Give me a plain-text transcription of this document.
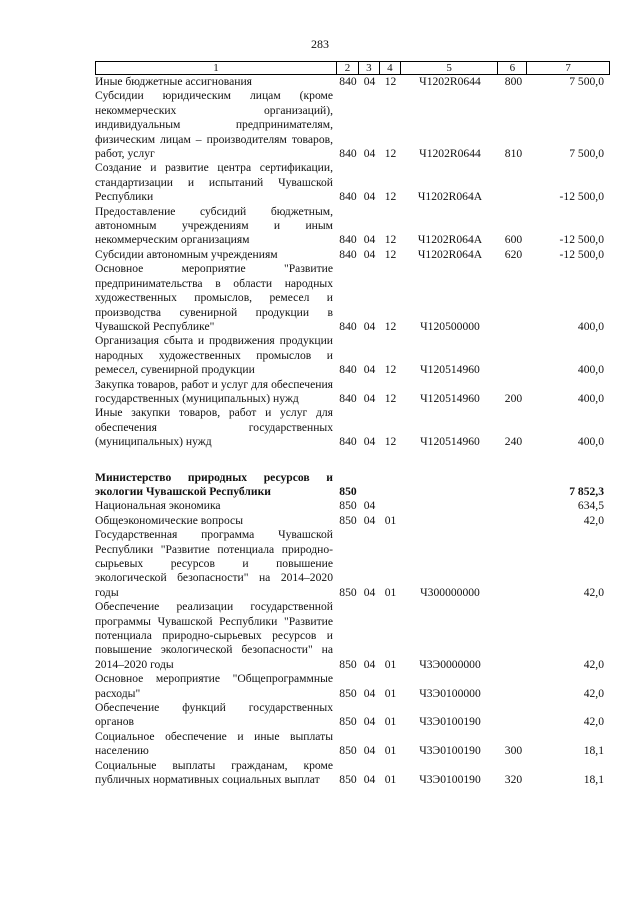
283
1	2	3	4	5	6	7
Иные бюджетные ассигнования	840 04 12	Ч1202R0644	800	7 500,0
Субсидии юридическим лицам (кроме некоммерческих организаций), индивидуальным предпринимателям, физическим лицам – производителям товаров, работ, услуг	840 04 12	Ч1202R0644	810	7 500,0
Создание и развитие центра сертификации, стандартизации и испытаний Чувашской Республики	840 04 12	Ч1202R064A	-12 500,0
Предоставление субсидий бюджетным, автономным учреждениям и иным некоммерческим организациям	840 04 12	Ч1202R064A	600	-12 500,0
Субсидии автономным учреждениям	840 04 12	Ч1202R064A	620	-12 500,0
Основное мероприятие "Развитие предпринимательства в области народных художественных промыслов, ремесел и производства сувенирной продукции в Чувашской Республике"	840 04 12	Ч120500000	400,0
Организация сбыта и продвижения продукции народных художественных промыслов и ремесел, сувенирной продукции	840 04 12	Ч120514960	400,0
Закупка товаров, работ и услуг для обеспечения государственных (муниципальных) нужд	840 04 12	Ч120514960	200	400,0
Иные закупки товаров, работ и услуг для обеспечения государственных (муниципальных) нужд	840 04 12	Ч120514960	240	400,0
Министерство природных ресурсов и экологии Чувашской Республики	850	7 852,3
Национальная экономика	850 04	634,5
Общеэкономические вопросы	850 04 01	42,0
Государственная программа Чувашской Республики "Развитие потенциала природно-сырьевых ресурсов и повышение экологической безопасности" на 2014–2020 годы	850 04 01	Ч300000000	42,0
Обеспечение реализации государственной программы Чувашской Республики "Развитие потенциала природно-сырьевых ресурсов и повышение экологической безопасности" на 2014–2020 годы	850 04 01	Ч3Э0000000	42,0
Основное мероприятие "Общепрограммные расходы"	850 04 01	Ч3Э0100000	42,0
Обеспечение функций государственных органов	850 04 01	Ч3Э0100190	42,0
Социальное обеспечение и иные выплаты населению	850 04 01	Ч3Э0100190	300	18,1
Социальные выплаты гражданам, кроме публичных нормативных социальных выплат	850 04 01	Ч3Э0100190	320	18,1
